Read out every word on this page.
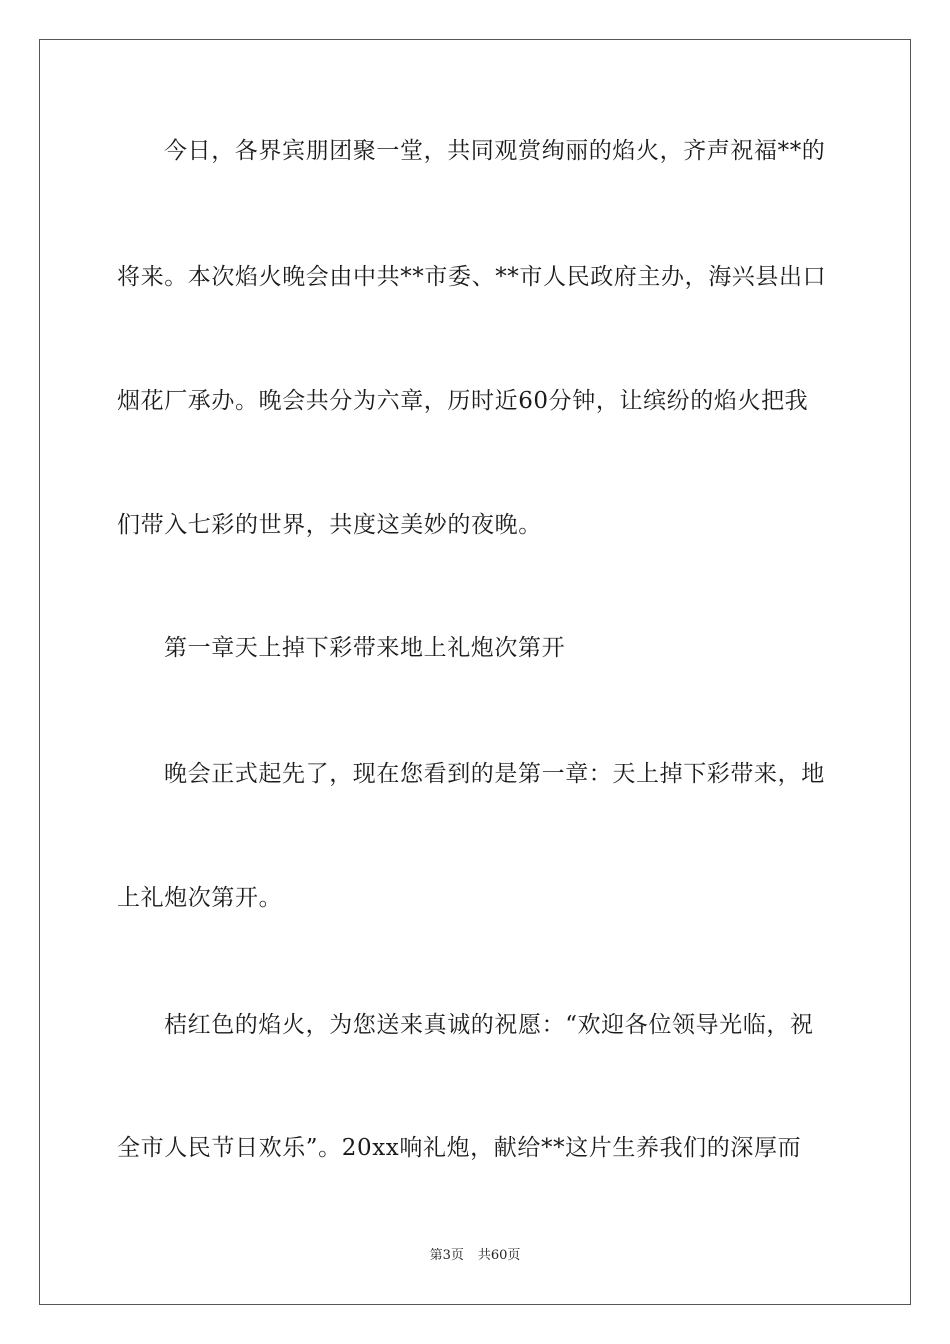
今日，各界宾朋团聚一堂，共同观赏绚丽的焰火，齐声祝福**的
将来。本次焰火晚会由中共**市委、**市人民政府主办，海兴县出口
烟花厂承办。晚会共分为六章，历时近60分钟，让缤纷的焰火把我
们带入七彩的世界，共度这美妙的夜晚。
第一章天上掉下彩带来地上礼炮次第开
晚会正式起先了，现在您看到的是第一章：天上掉下彩带来，地
上礼炮次第开。
桔红色的焰火，为您送来真诚的祝愿：“欢迎各位领导光临，祝
全市人民节日欢乐”。20xx响礼炮，献给**这片生养我们的深厚而
第3页 共60页
